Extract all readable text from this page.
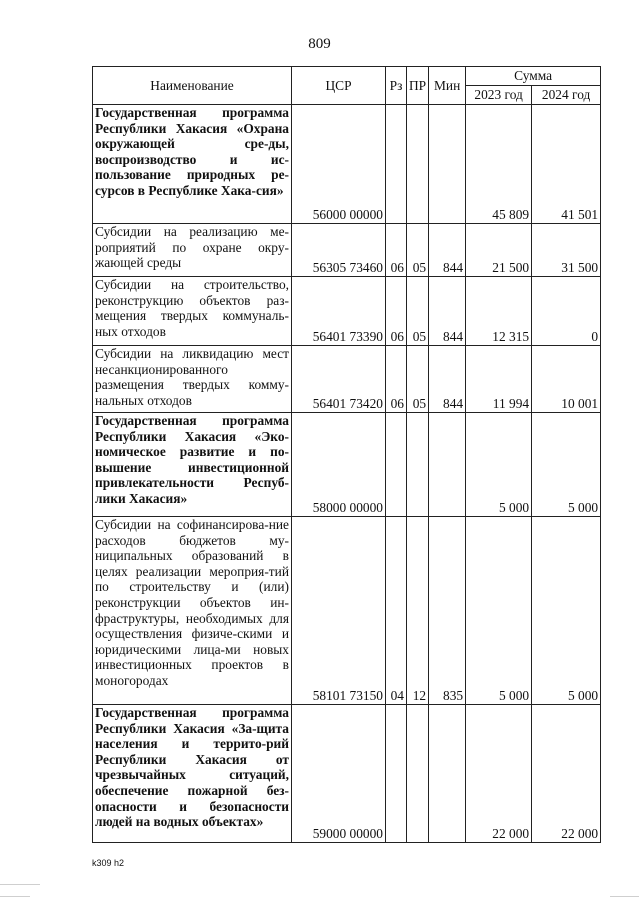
809
Наименование	ЦСР	Рз	ПР	Мин	Сумма	
					2023 год	2024 год
Государственная программа Республики Хакасия «Охрана окружающей сре-ды, воспроизводство и ис-пользование природных ре-сурсов в Республике Хака-сия»	56000 00000				45 809	41 501
Субсидии на реализацию ме-роприятий по охране окру-жающей среды	56305 73460	06	05	844	21 500	31 500
Субсидии на строительство, реконструкцию объектов раз-мещения твердых коммуналь-ных отходов	56401 73390	06	05	844	12 315	0
Субсидии на ликвидацию мест несанкционированного размещения твердых комму-нальных отходов	56401 73420	06	05	844	11 994	10 001
Государственная программа Республики Хакасия «Эко-номическое развитие и по-вышение инвестиционной привлекательности Респуб-лики Хакасия»	58000 00000				5 000	5 000
Субсидии на софинансирова-ние расходов бюджетов му-ниципальных образований в целях реализации мероприя-тий по строительству и (или) реконструкции объектов ин-фраструктуры, необходимых для осуществления физиче-скими и юридическими лица-ми новых инвестиционных проектов в моногородах	58101 73150	04	12	835	5 000	5 000
Государственная программа Республики Хакасия «За-щита населения и террито-рий Республики Хакасия от чрезвычайных ситуаций, обеспечение пожарной без-опасности и безопасности людей на водных объектах»	59000 00000				22 000	22 000
k309 h2
